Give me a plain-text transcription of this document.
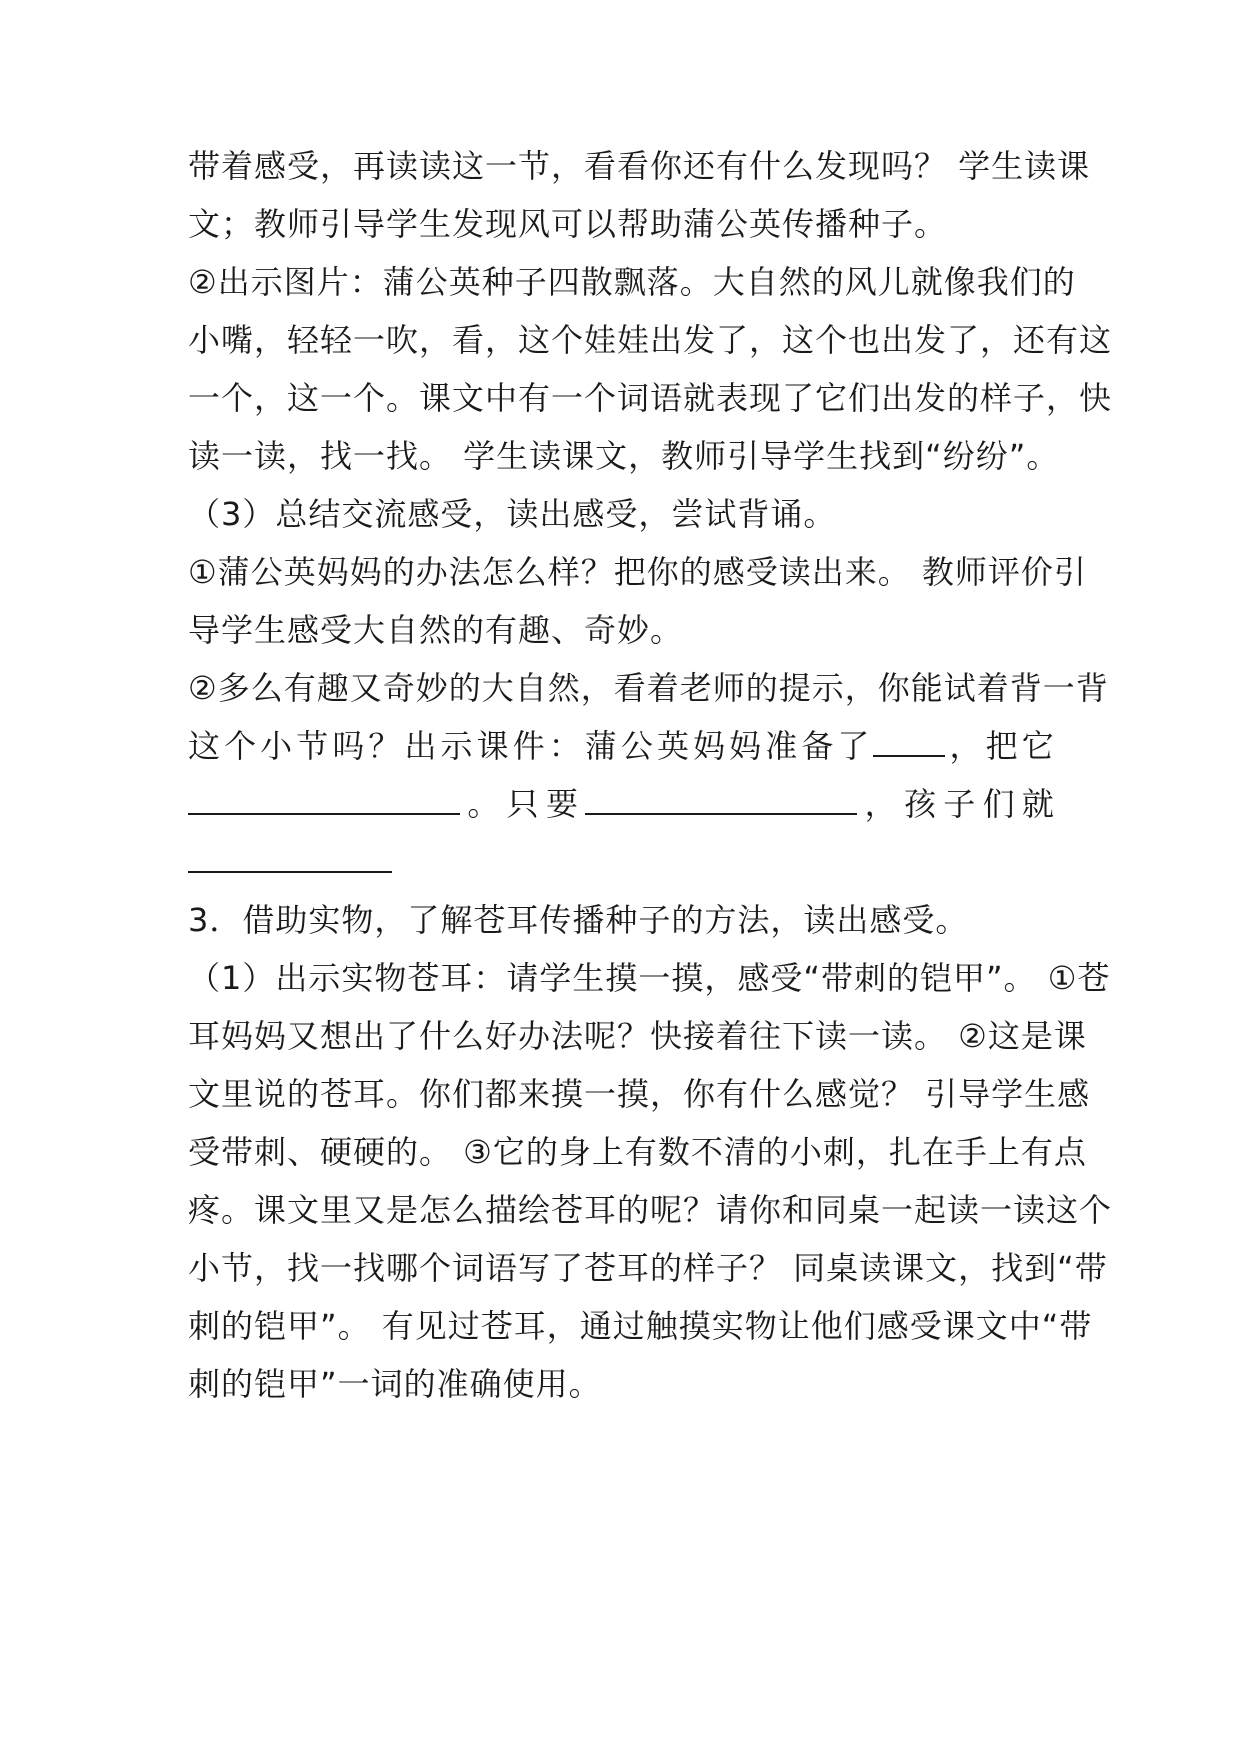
带着感受，再读读这一节，看看你还有什么发现吗？ 学生读课
文；教师引导学生发现风可以帮助蒲公英传播种子。
②出示图片：蒲公英种子四散飘落。大自然的风儿就像我们的
小嘴，轻轻一吹，看，这个娃娃出发了，这个也出发了，还有这
一个，这一个。课文中有一个词语就表现了它们出发的样子，快
读一读，找一找。 学生读课文，教师引导学生找到“纷纷”。
（3）总结交流感受，读出感受，尝试背诵。
①蒲公英妈妈的办法怎么样？把你的感受读出来。 教师评价引
导学生感受大自然的有趣、奇妙。
②多么有趣又奇妙的大自然，看着老师的提示，你能试着背一背
这 个 小 节 吗 ？ 出 示 课 件 ： 蒲 公 英 妈 妈 准 备 了	， 把 它
。 只 要	， 孩 子 们 就
3．借助实物，了解苍耳传播种子的方法，读出感受。
（1）出示实物苍耳：请学生摸一摸，感受“带刺的铠甲”。 ①苍
耳妈妈又想出了什么好办法呢？快接着往下读一读。 ②这是课
文里说的苍耳。你们都来摸一摸，你有什么感觉？ 引导学生感
受带刺、硬硬的。 ③它的身上有数不清的小刺，扎在手上有点
疼。课文里又是怎么描绘苍耳的呢？请你和同桌一起读一读这个
小节，找一找哪个词语写了苍耳的样子？ 同桌读课文，找到“带
刺的铠甲”。 有见过苍耳，通过触摸实物让他们感受课文中“带
刺的铠甲”一词的准确使用。
